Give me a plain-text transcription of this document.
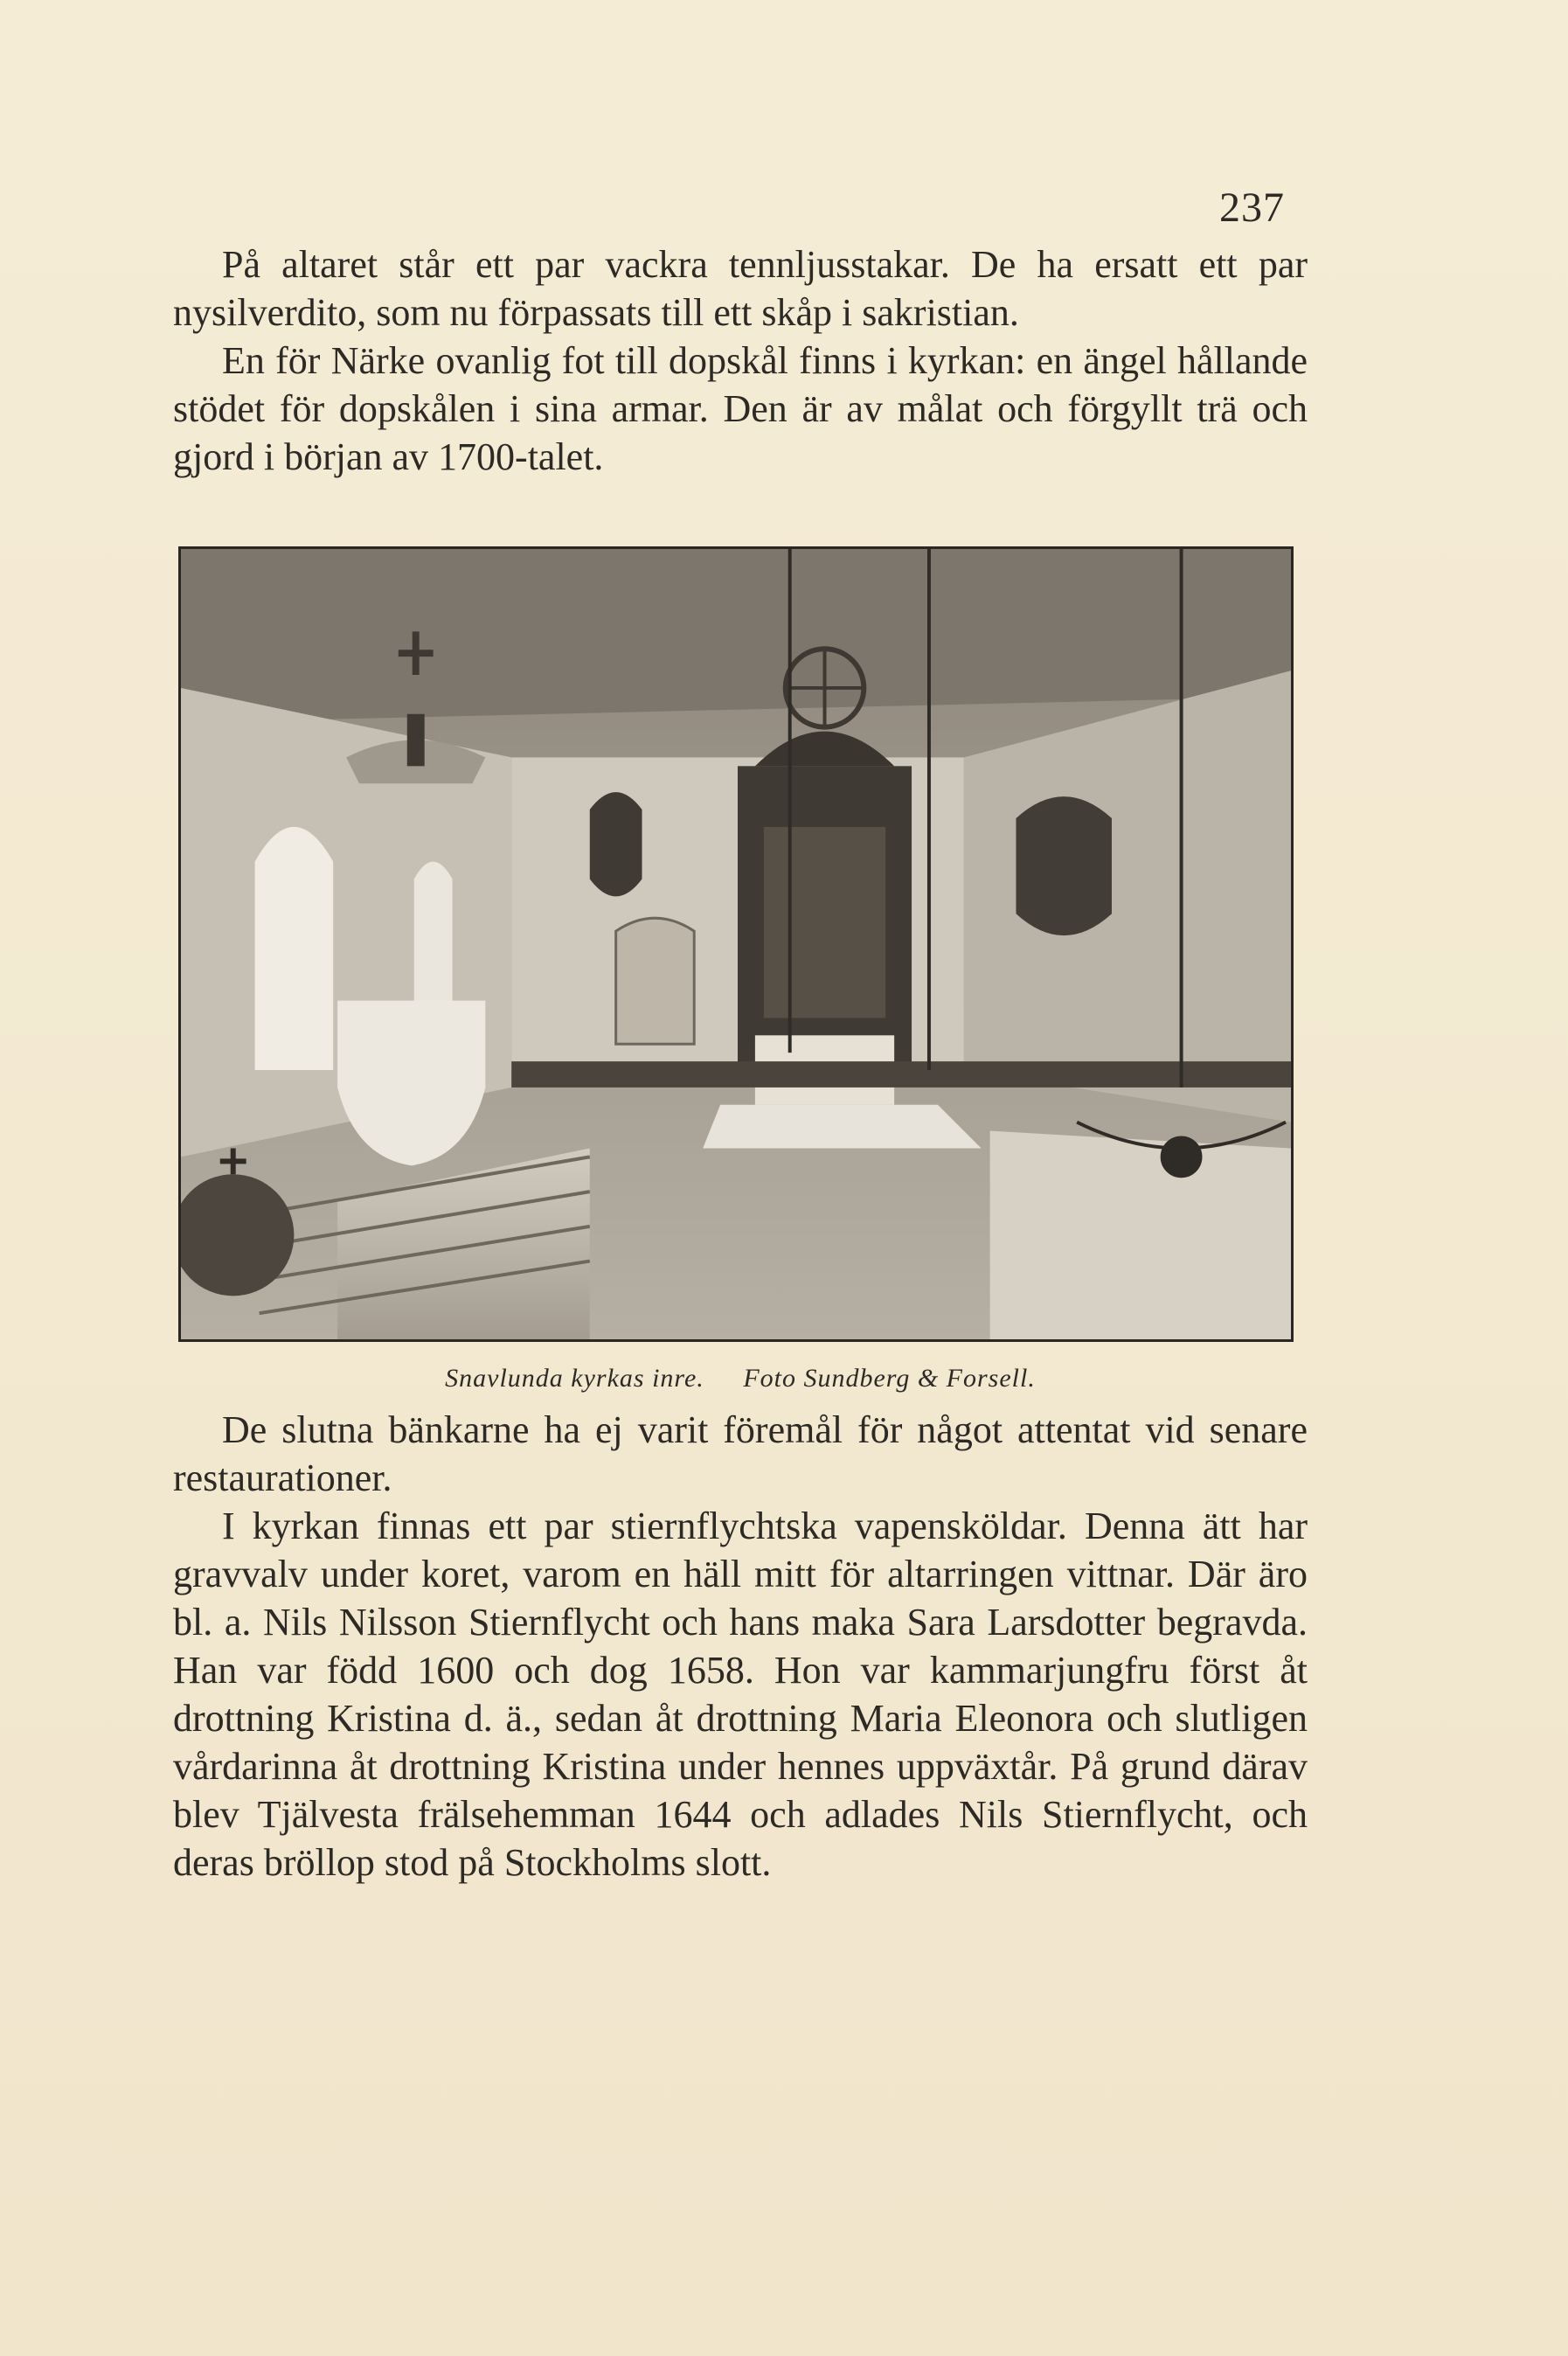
237

På altaret står ett par vackra tennljusstakar. De ha ersatt ett par nysilverdito, som nu förpassats till ett skåp i sakristian.

En för Närke ovanlig fot till dopskål finns i kyrkan: en ängel hållande stödet för dopskålen i sina armar. Den är av målat och förgyllt trä och gjord i början av 1700-talet.

Snavlunda kyrkas inre. Foto Sundberg & Forsell.

De slutna bänkarne ha ej varit föremål för något attentat vid senare restaurationer.

I kyrkan finnas ett par stiernflychtska vapensköldar. Denna ätt har gravvalv under koret, varom en häll mitt för altarringen vittnar. Där äro bl. a. Nils Nilsson Stiernflycht och hans maka Sara Larsdotter begravda. Han var född 1600 och dog 1658. Hon var kammarjungfru först åt drottning Kristina d. ä., sedan åt drottning Maria Eleonora och slutligen vårdarinna åt drottning Kristina under hennes uppväxtår. På grund därav blev Tjälvesta frälsehemman 1644 och adlades Nils Stiernflycht, och deras bröllop stod på Stockholms slott.
